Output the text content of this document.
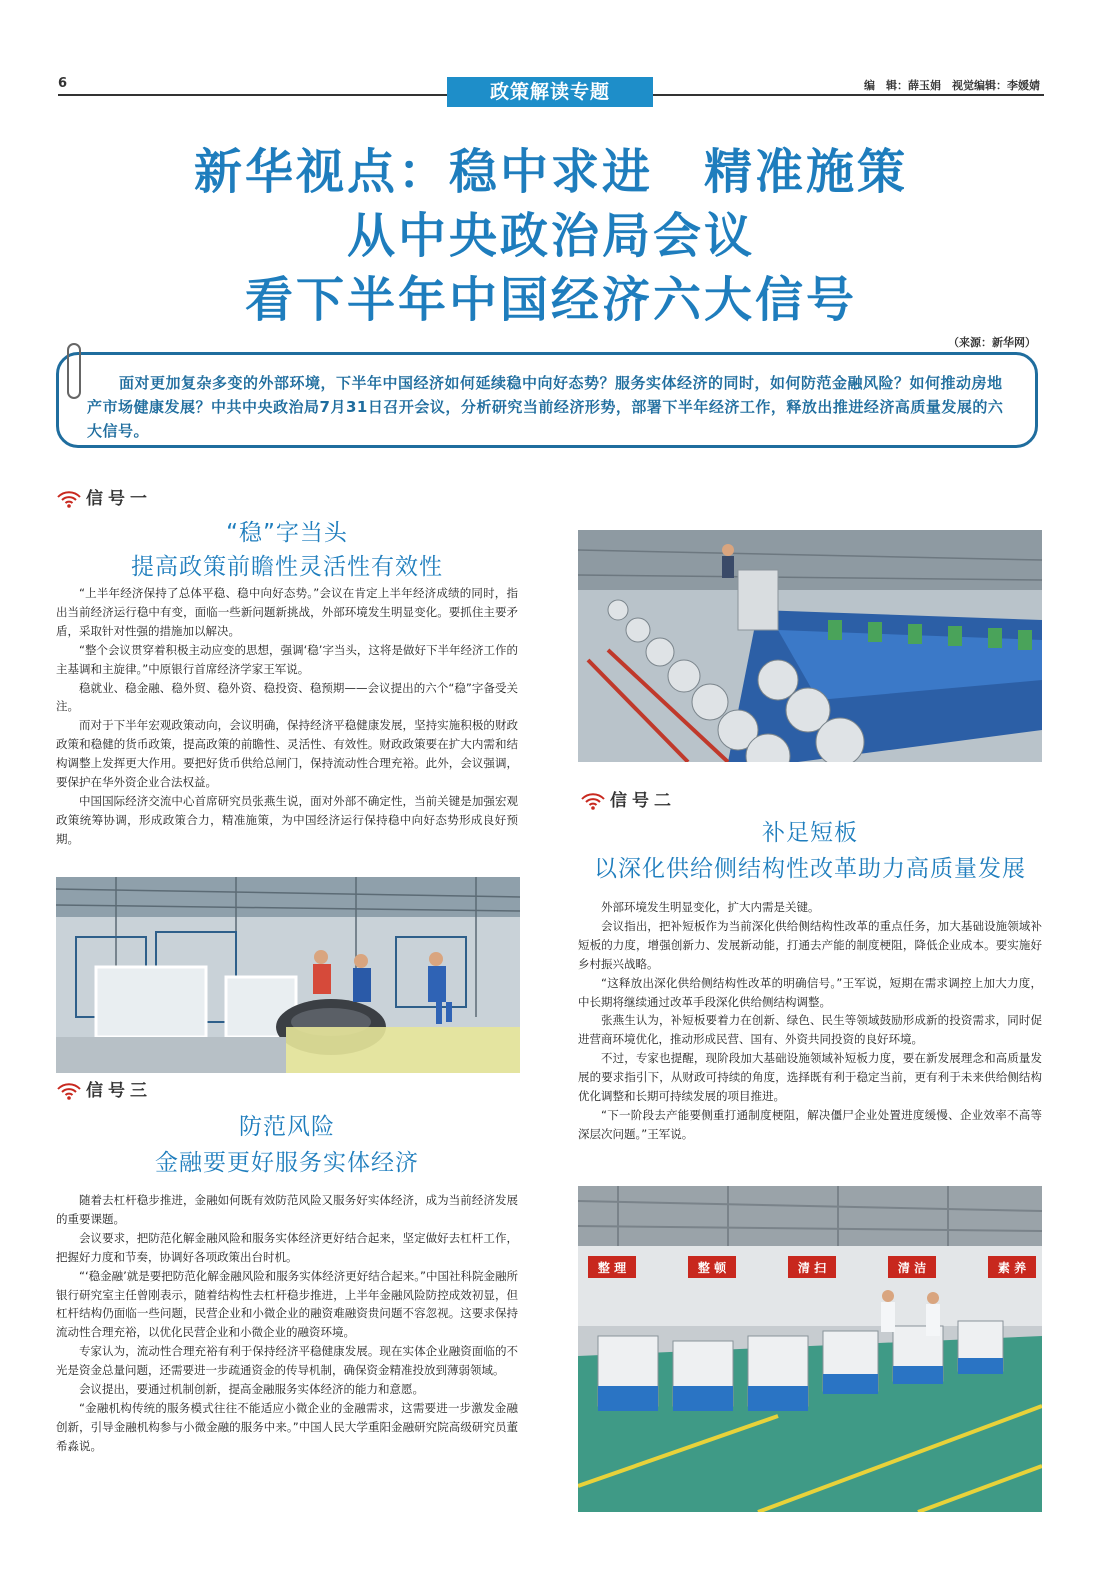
6	政策解读专题	编　辑：薛玉娟　视觉编辑：李媛婧
新华视点：稳中求进　精准施策
从中央政治局会议
看下半年中国经济六大信号
（来源：新华网）
面对更加复杂多变的外部环境，下半年中国经济如何延续稳中向好态势？服务实体经济的同时，如何防范金融风险？如何推动房地产市场健康发展？中共中央政治局7月31日召开会议，分析研究当前经济形势，部署下半年经济工作，释放出推进经济高质量发展的六大信号。
信号一
“稳”字当头
提高政策前瞻性灵活性有效性

“上半年经济保持了总体平稳、稳中向好态势。”会议在肯定上半年经济成绩的同时，指出当前经济运行稳中有变，面临一些新问题新挑战，外部环境发生明显变化。要抓住主要矛盾，采取针对性强的措施加以解决。

“整个会议贯穿着积极主动应变的思想，强调‘稳’字当头，这将是做好下半年经济工作的主基调和主旋律。”中原银行首席经济学家王军说。

稳就业、稳金融、稳外贸、稳外资、稳投资、稳预期——会议提出的六个“稳”字备受关注。

而对于下半年宏观政策动向，会议明确，保持经济平稳健康发展，坚持实施积极的财政政策和稳健的货币政策，提高政策的前瞻性、灵活性、有效性。财政政策要在扩大内需和结构调整上发挥更大作用。要把好货币供给总闸门，保持流动性合理充裕。此外，会议强调，要保护在华外资企业合法权益。

中国国际经济交流中心首席研究员张燕生说，面对外部不确定性，当前关键是加强宏观政策统筹协调，形成政策合力，精准施策，为中国经济运行保持稳中向好态势形成良好预期。

信号三
防范风险
金融要更好服务实体经济

随着去杠杆稳步推进，金融如何既有效防范风险又服务好实体经济，成为当前经济发展的重要课题。

会议要求，把防范化解金融风险和服务实体经济更好结合起来，坚定做好去杠杆工作，把握好力度和节奏，协调好各项政策出台时机。

“‘稳金融’就是要把防范化解金融风险和服务实体经济更好结合起来。”中国社科院金融所银行研究室主任曾刚表示，随着结构性去杠杆稳步推进，上半年金融风险防控成效初显，但杠杆结构仍面临一些问题，民营企业和小微企业的融资难融资贵问题不容忽视。这要求保持流动性合理充裕，以优化民营企业和小微企业的融资环境。

专家认为，流动性合理充裕有利于保持经济平稳健康发展。现在实体企业融资面临的不光是资金总量问题，还需要进一步疏通资金的传导机制，确保资金精准投放到薄弱领域。

会议提出，要通过机制创新，提高金融服务实体经济的能力和意愿。

“金融机构传统的服务模式往往不能适应小微企业的金融需求，这需要进一步激发金融创新，引导金融机构参与小微金融的服务中来。”中国人民大学重阳金融研究院高级研究员董希淼说。

信号二
补足短板
以深化供给侧结构性改革助力高质量发展

外部环境发生明显变化，扩大内需是关键。

会议指出，把补短板作为当前深化供给侧结构性改革的重点任务，加大基础设施领域补短板的力度，增强创新力、发展新动能，打通去产能的制度梗阻，降低企业成本。要实施好乡村振兴战略。

“这释放出深化供给侧结构性改革的明确信号。”王军说，短期在需求调控上加大力度，中长期将继续通过改革手段深化供给侧结构调整。

张燕生认为，补短板要着力在创新、绿色、民生等领域鼓励形成新的投资需求，同时促进营商环境优化，推动形成民营、国有、外资共同投资的良好环境。

不过，专家也提醒，现阶段加大基础设施领域补短板力度，要在新发展理念和高质量发展的要求指引下，从财政可持续的角度，选择既有利于稳定当前，更有利于未来供给侧结构优化调整和长期可持续发展的项目推进。

“下一阶段去产能要侧重打通制度梗阻，解决僵尸企业处置进度缓慢、企业效率不高等深层次问题。”王军说。

整 理	整 顿	清 扫	清 洁	素 养
